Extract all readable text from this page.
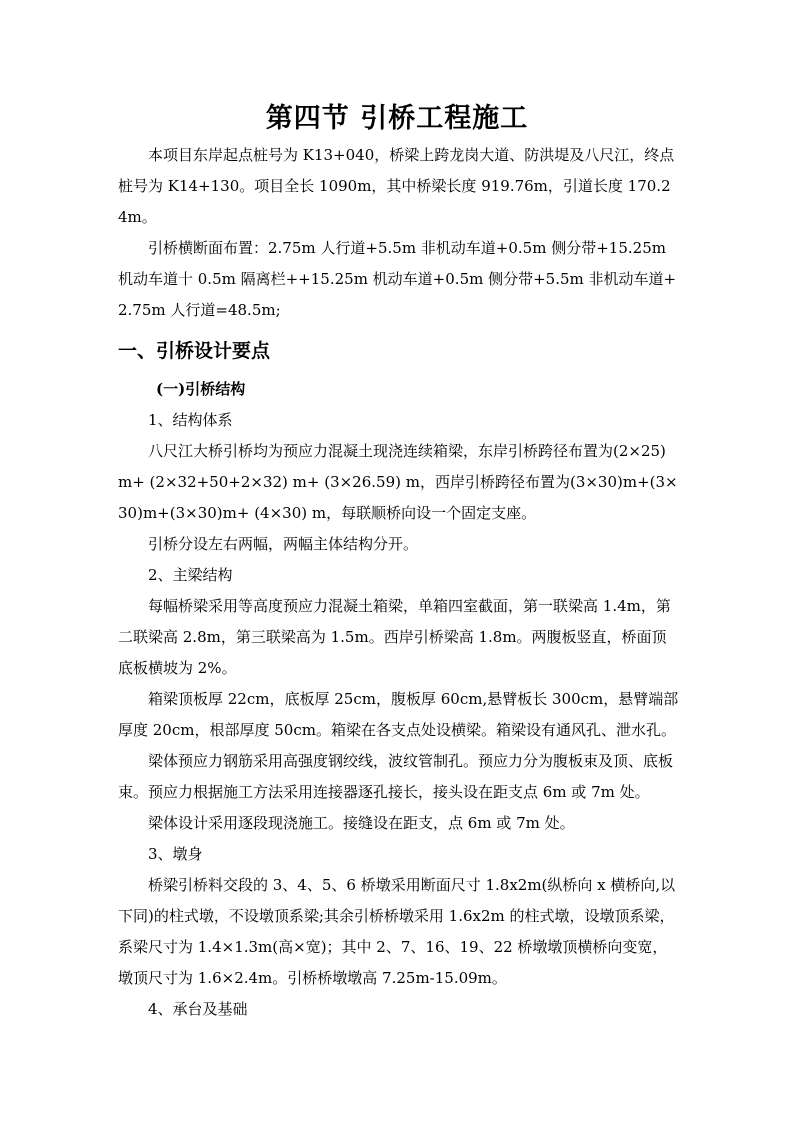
第四节 引桥工程施工

本项目东岸起点桩号为 K13+040，桥梁上跨龙岗大道、防洪堤及八尺江，终点桩号为 K14+130。项目全长 1090m，其中桥梁长度 919.76m，引道长度 170.24m。

引桥横断面布置：2.75m 人行道+5.5m 非机动车道+0.5m 侧分带+15.25m 机动车道十 0.5m 隔离栏++15.25m 机动车道+0.5m 侧分带+5.5m 非机动车道+2.75m 人行道=48.5m;

一、引桥设计要点
(一)引桥结构

1、结构体系

八尺江大桥引桥均为预应力混凝土现浇连续箱梁，东岸引桥跨径布置为(2×25) m+ (2×32+50+2×32) m+ (3×26.59) m，西岸引桥跨径布置为(3×30)m+(3×30)m+(3×30)m+ (4×30) m，每联顺桥向设一个固定支座。

引桥分设左右两幅，两幅主体结构分开。

2、主梁结构

每幅桥梁采用等高度预应力混凝土箱梁，单箱四室截面，第一联梁高 1.4m，第二联梁高 2.8m，第三联梁高为 1.5m。西岸引桥梁高 1.8m。两腹板竖直，桥面顶底板横坡为 2%。

箱梁顶板厚 22cm，底板厚 25cm，腹板厚 60cm,悬臂板长 300cm，悬臂端部厚度 20cm，根部厚度 50cm。箱梁在各支点处设横梁。箱梁设有通风孔、泄水孔。

梁体预应力钢筋采用高强度钢绞线，波纹管制孔。预应力分为腹板束及顶、底板束。预应力根据施工方法采用连接器逐孔接长，接头设在距支点 6m 或 7m 处。

梁体设计采用逐段现浇施工。接缝设在距支，点 6m 或 7m 处。

3、墩身

桥梁引桥料交段的 3、4、5、6 桥墩采用断面尺寸 1.8x2m(纵桥向 x 横桥向,以下同)的柱式墩，不设墩顶系梁;其余引桥桥墩采用 1.6x2m 的柱式墩，设墩顶系梁，系梁尺寸为 1.4×1.3m(高×宽)；其中 2、7、16、19、22 桥墩墩顶横桥向变宽，墩顶尺寸为 1.6×2.4m。引桥桥墩墩高 7.25m-15.09m。

4、承台及基础
